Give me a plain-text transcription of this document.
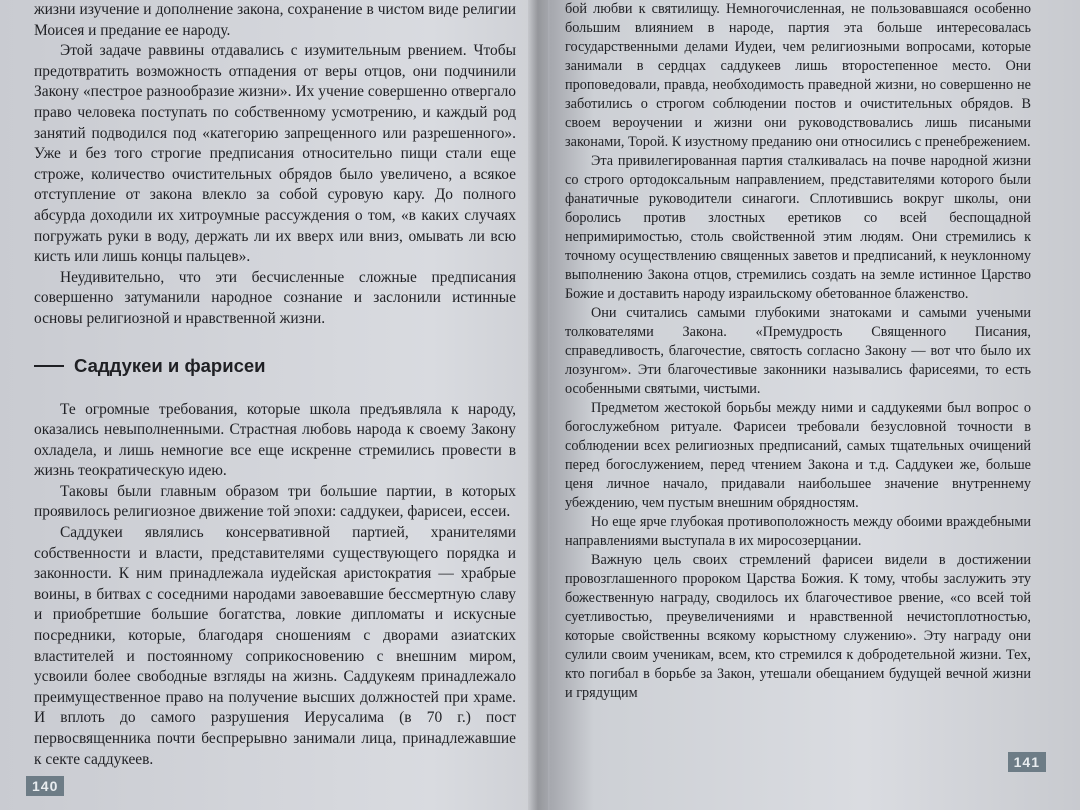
жизни изучение и дополнение закона, сохранение в чистом виде религии Моисея и предание ее народу.

Этой задаче раввины отдавались с изумительным рвением. Чтобы предотвратить возможность отпадения от веры отцов, они подчинили Закону «пестрое разнообразие жизни». Их учение совершенно отвергало право человека поступать по собственному усмотрению, и каждый род занятий подводился под «категорию запрещенного или разрешенного». Уже и без того строгие предписания относительно пищи стали еще строже, количество очистительных обрядов было увеличено, а всякое отступление от закона влекло за собой суровую кару. До полного абсурда доходили их хитроумные рассуждения о том, «в каких случаях погружать руки в воду, держать ли их вверх или вниз, омывать ли всю кисть или лишь концы пальцев».

Неудивительно, что эти бесчисленные сложные предписания совершенно затуманили народное сознание и заслонили истинные основы религиозной и нравственной жизни.

Саддукеи и фарисеи

Те огромные требования, которые школа предъявляла к народу, оказались невыполненными. Страстная любовь народа к своему Закону охладела, и лишь немногие все еще искренне стремились провести в жизнь теократическую идею.

Таковы были главным образом три большие партии, в которых проявилось религиозное движение той эпохи: саддукеи, фарисеи, ессеи.

Саддукеи являлись консервативной партией, хранителями собственности и власти, представителями существующего порядка и законности. К ним принадлежала иудейская аристократия — храбрые воины, в битвах с соседними народами завоевавшие бессмертную славу и приобретшие большие богатства, ловкие дипломаты и искусные посредники, которые, благодаря сношениям с дворами азиатских властителей и постоянному соприкосновению с внешним миром, усвоили более свободные взгляды на жизнь. Саддукеям принадлежало преимущественное право на получение высших должностей при храме. И вплоть до самого разрушения Иерусалима (в 70 г.) пост первосвященника почти беспрерывно занимали лица, принадлежавшие к секте саддукеев.

140

бой любви к святилищу. Немногочисленная, не пользовавшаяся особенно большим влиянием в народе, партия эта больше интересовалась государственными делами Иудеи, чем религиозными вопросами, которые занимали в сердцах саддукеев лишь второстепенное место. Они проповедовали, правда, необходимость праведной жизни, но совершенно не заботились о строгом соблюдении постов и очистительных обрядов. В своем вероучении и жизни они руководствовались лишь писаными законами, Торой. К изустному преданию они относились с пренебрежением.

Эта привилегированная партия сталкивалась на почве народной жизни со строго ортодоксальным направлением, представителями которого были фанатичные руководители синагоги. Сплотившись вокруг школы, они боролись против злостных еретиков со всей беспощадной непримиримостью, столь свойственной этим людям. Они стремились к точному осуществлению священных заветов и предписаний, к неуклонному выполнению Закона отцов, стремились создать на земле истинное Царство Божие и доставить народу израильскому обетованное блаженство.

Они считались самыми глубокими знатоками и самыми учеными толкователями Закона. «Премудрость Священного Писания, справедливость, благочестие, святость согласно Закону — вот что было их лозунгом». Эти благочестивые законники назывались фарисеями, то есть особенными святыми, чистыми.

Предметом жестокой борьбы между ними и саддукеями был вопрос о богослужебном ритуале. Фарисеи требовали безусловной точности в соблюдении всех религиозных предписаний, самых тщательных очищений перед богослужением, перед чтением Закона и т.д. Саддукеи же, больше ценя личное начало, придавали наибольшее значение внутреннему убеждению, чем пустым внешним обрядностям.

Но еще ярче глубокая противоположность между обоими враждебными направлениями выступала в их миросозерцании.

Важную цель своих стремлений фарисеи видели в достижении провозглашенного пророком Царства Божия. К тому, чтобы заслужить эту божественную награду, сводилось их благочестивое рвение, «со всей той суетливостью, преувеличениями и нравственной нечистоплотностью, которые свойственны всякому корыстному служению». Эту награду они сулили своим ученикам, всем, кто стремился к добродетельной жизни. Тех, кто погибал в борьбе за Закон, утешали обещанием будущей вечной жизни и грядущим

141
